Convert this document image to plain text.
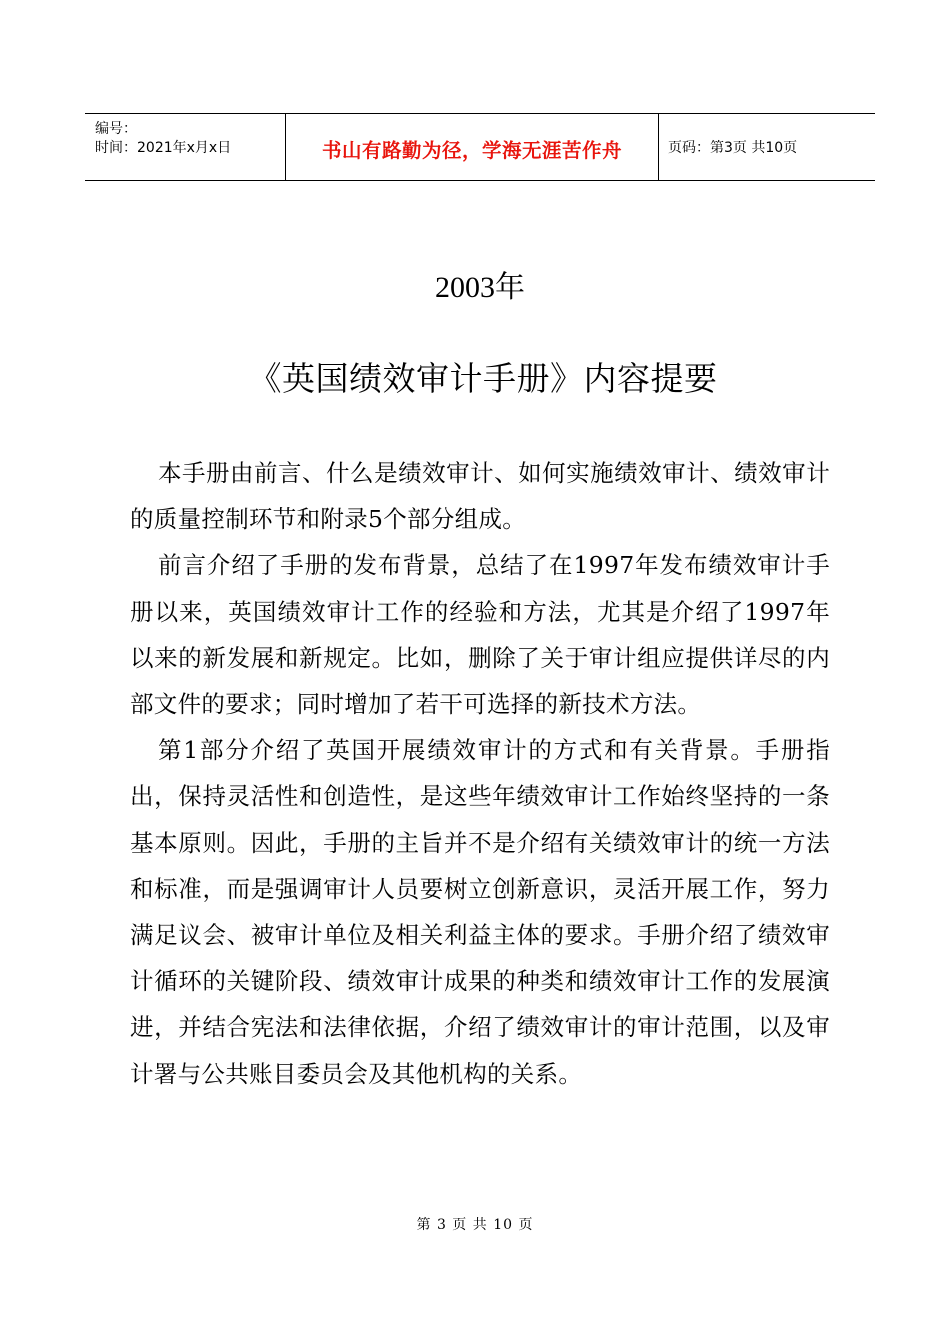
编号：
时间：2021年x月x日	书山有路勤为径，学海无涯苦作舟	页码：第3页 共10页
2003年
《英国绩效审计手册》内容提要

本手册由前言、什么是绩效审计、如何实施绩效审计、绩效审计的质量控制环节和附录5个部分组成。

前言介绍了手册的发布背景，总结了在1997年发布绩效审计手册以来，英国绩效审计工作的经验和方法，尤其是介绍了1997年以来的新发展和新规定。比如，删除了关于审计组应提供详尽的内部文件的要求；同时增加了若干可选择的新技术方法。

第1部分介绍了英国开展绩效审计的方式和有关背景。手册指出，保持灵活性和创造性，是这些年绩效审计工作始终坚持的一条基本原则。因此，手册的主旨并不是介绍有关绩效审计的统一方法和标准，而是强调审计人员要树立创新意识，灵活开展工作，努力满足议会、被审计单位及相关利益主体的要求。手册介绍了绩效审计循环的关键阶段、绩效审计成果的种类和绩效审计工作的发展演进，并结合宪法和法律依据，介绍了绩效审计的审计范围，以及审计署与公共账目委员会及其他机构的关系。

第 3 页 共 10 页
